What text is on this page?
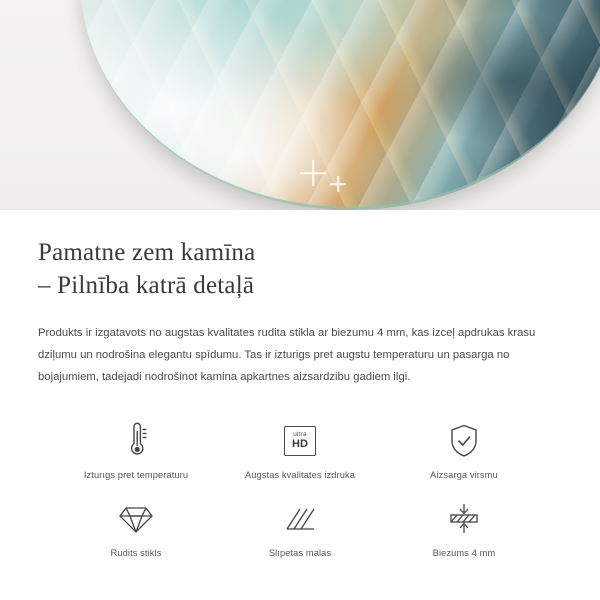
Pamatne zem kamīna
– Pilnība katrā detaļā

Produkts ir izgatavots no augstas kvalitates rudita stikla ar biezumu 4 mm, kas izceļ apdrukas krasu dziļumu un nodrošina elegantu spīdumu. Tas ir izturigs pret augstu temperaturu un pasarga no bojajumiem, tadejadi nodrošinot kamina apkartnes aizsardzibu gadiem ilgi.

Izturıgs pret temperaturu
ultra
HD
Augstas kvalitates izdruka	Aizsarga virsmu
Rudits stikls	Slıpetas malas	Biezums 4 mm
